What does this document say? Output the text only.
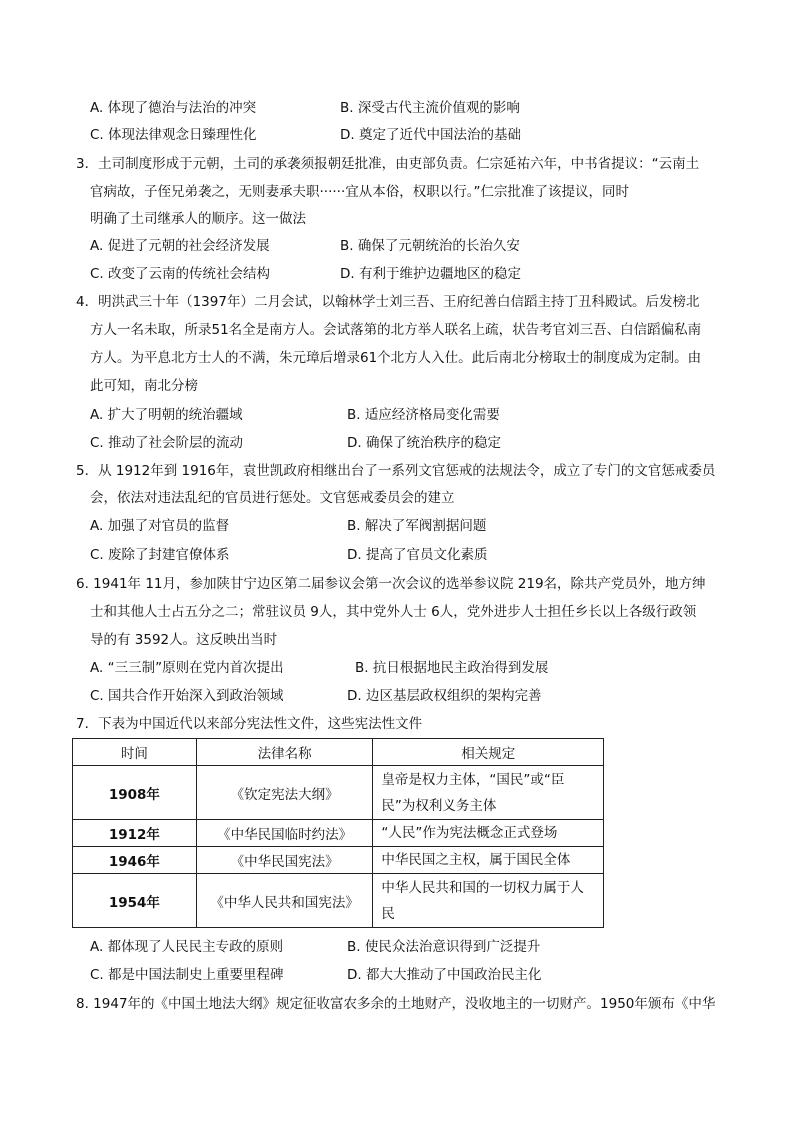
A. 体现了德治与法治的冲突	B. 深受古代主流价值观的影响
C. 体现法律观念日臻理性化	D. 奠定了近代中国法治的基础
3．土司制度形成于元朝，土司的承袭须报朝廷批准，由吏部负责。仁宗延祐六年，中书省提议：“云南土
官病故，子侄兄弟袭之，无则妻承夫职······宜从本俗，权职以行。”仁宗批准了该提议，同时
明确了土司继承人的顺序。这一做法
A. 促进了元朝的社会经济发展	B. 确保了元朝统治的长治久安
C. 改变了云南的传统社会结构	D. 有利于维护边疆地区的稳定
4．明洪武三十年（1397年）二月会试，以翰林学士刘三吾、王府纪善白信蹈主持丁丑科殿试。后发榜北
方人一名未取，所录51名全是南方人。会试落第的北方举人联名上疏，状告考官刘三吾、白信蹈偏私南
方人。为平息北方士人的不满，朱元璋后增录61个北方人入仕。此后南北分榜取士的制度成为定制。由
此可知，南北分榜
A. 扩大了明朝的统治疆域	B. 适应经济格局变化需要
C. 推动了社会阶层的流动	D. 确保了统治秩序的稳定
5．从 1912年到 1916年，袁世凯政府相继出台了一系列文官惩戒的法规法令，成立了专门的文官惩戒委员
会，依法对违法乱纪的官员进行惩处。文官惩戒委员会的建立
A. 加强了对官员的监督	B. 解决了军阀割据问题
C. 废除了封建官僚体系	D. 提高了官员文化素质
6. 1941年 11月，参加陕甘宁边区第二届参议会第一次会议的选举参议院 219名，除共产党员外，地方绅
士和其他人士占五分之二；常驻议员 9人，其中党外人士 6人，党外进步人士担任乡长以上各级行政领
导的有 3592人。这反映出当时
A. “三三制”原则在党内首次提出	B. 抗日根据地民主政治得到发展
C. 国共合作开始深入到政治领域	D. 边区基层政权组织的架构完善
7．下表为中国近代以来部分宪法性文件，这些宪法性文件
时间	法律名称	相关规定
1908年	《钦定宪法大纲》	皇帝是权力主体，“国民”或“臣民”为权利义务主体
1912年	《中华民国临时约法》	“人民”作为宪法概念正式登场
1946年	《中华民国宪法》	中华民国之主权，属于国民全体
1954年	《中华人民共和国宪法》	中华人民共和国的一切权力属于人民
A. 都体现了人民民主专政的原则	B. 使民众法治意识得到广泛提升
C. 都是中国法制史上重要里程碑	D. 都大大推动了中国政治民主化
8. 1947年的《中国土地法大纲》规定征收富农多余的土地财产，没收地主的一切财产。1950年颁布《中华
